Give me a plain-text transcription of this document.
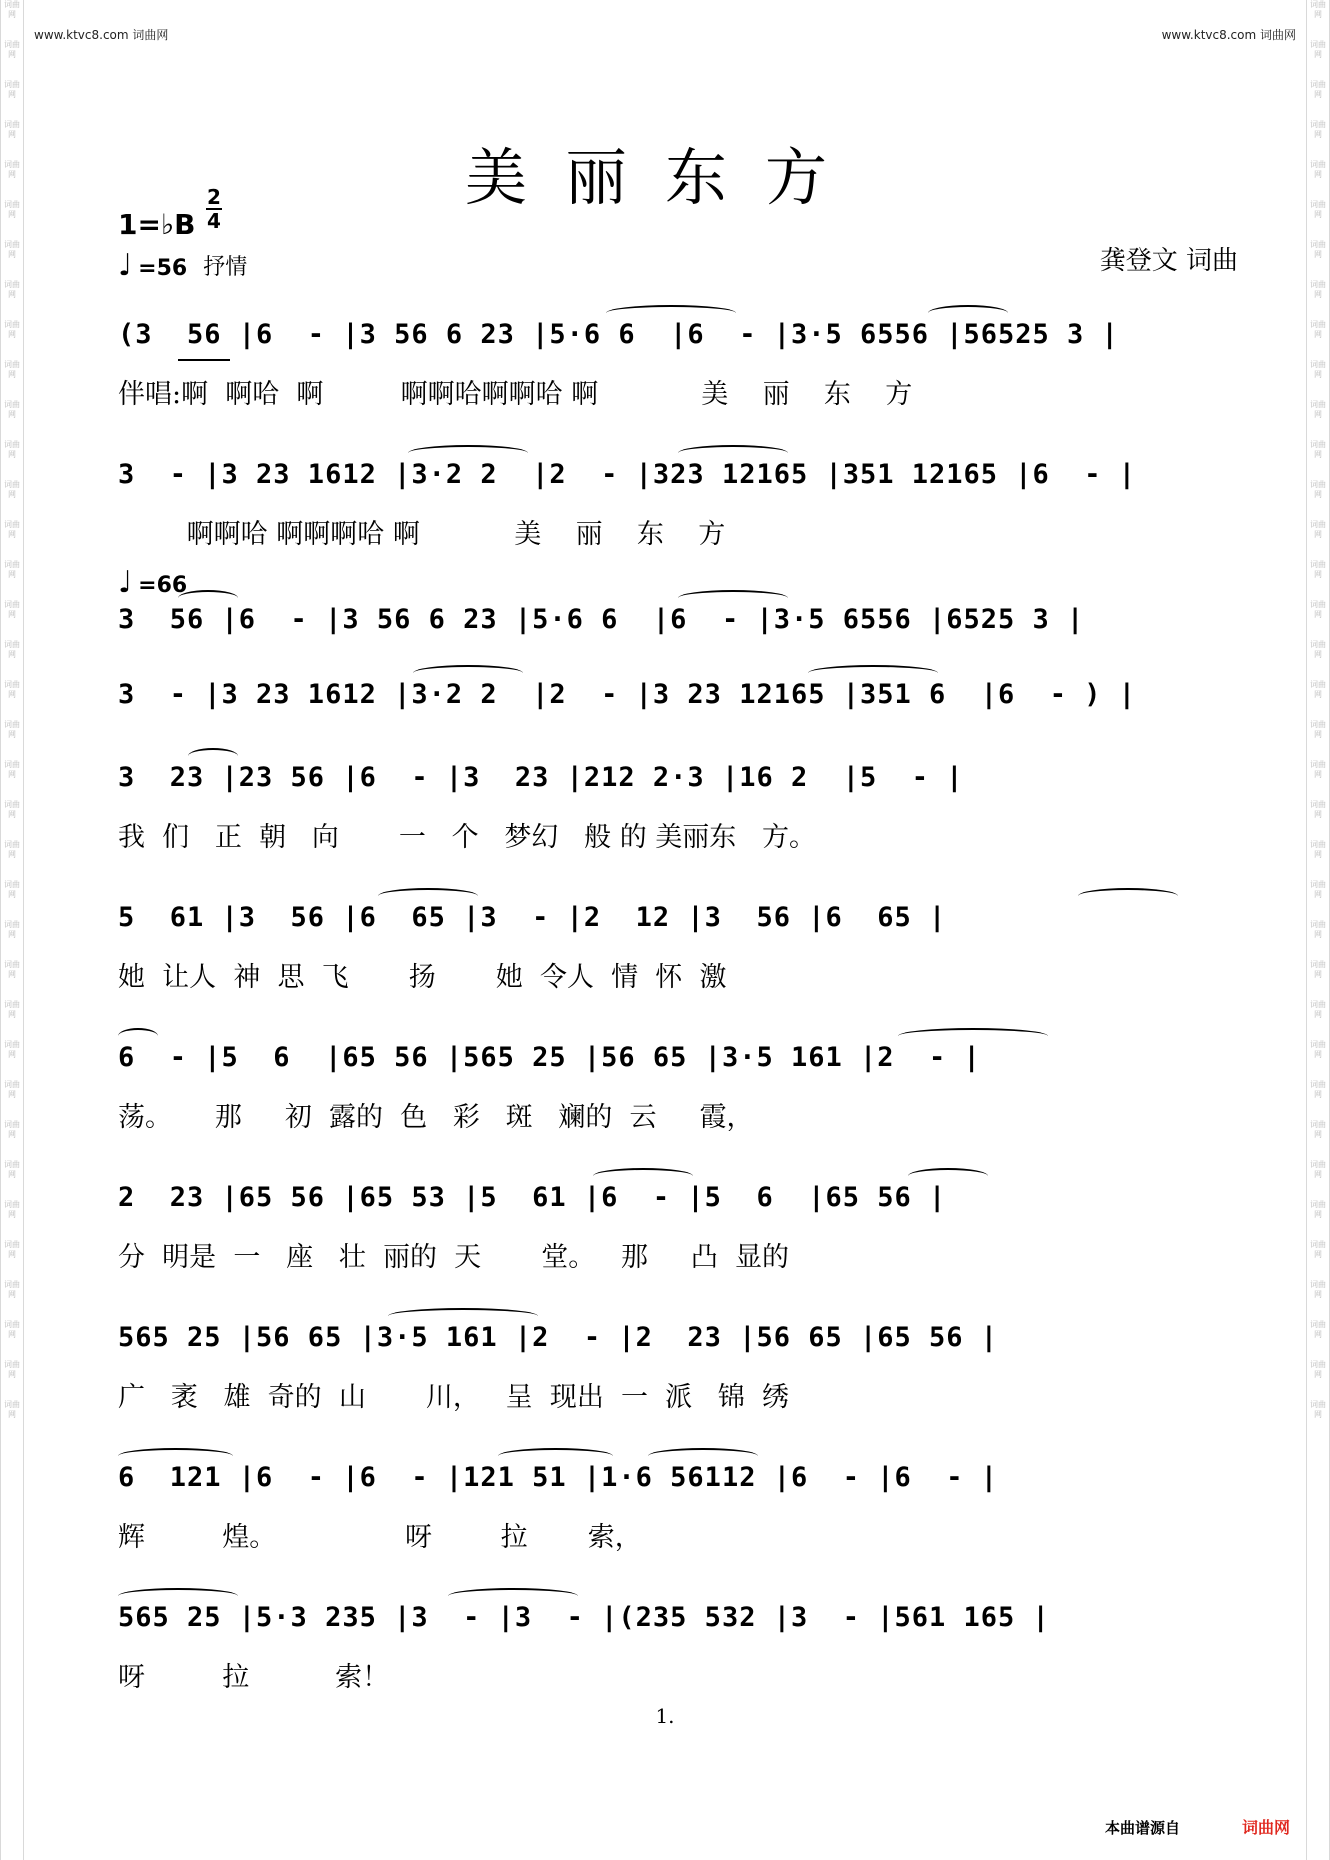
词曲网
词曲网
词曲网
词曲网
词曲网
词曲网
词曲网
词曲网
词曲网
词曲网
词曲网
词曲网
词曲网
词曲网
词曲网
词曲网
词曲网
词曲网
词曲网
词曲网
词曲网
词曲网
词曲网
词曲网
词曲网
词曲网
词曲网
词曲网
词曲网
词曲网
词曲网
词曲网
词曲网
词曲网
词曲网
词曲网
词曲网
词曲网
词曲网
词曲网
词曲网
词曲网
词曲网
词曲网
词曲网
词曲网
词曲网
词曲网
词曲网
词曲网
词曲网
词曲网
词曲网
词曲网
词曲网
词曲网
词曲网
词曲网
词曲网
词曲网
词曲网
词曲网
词曲网
词曲网
词曲网
词曲网
词曲网
词曲网
词曲网
词曲网
词曲网
词曲网
www.ktvc8.com 词曲网	www.ktvc8.com 词曲网
美丽东方
1=♭B
2
4
♩ =56 抒情	龚登文 词曲
(3  56 |6  - |3 56 6 23 |5·6 6  |6  - |3·5 6556 |56525 3 |
伴唱:啊  啊哈  啊         啊啊哈啊啊哈 啊            美    丽    东    方
3  - |3 23 1612 |3·2 2  |2  - |323 12165 |351 12165 |6  - |
啊啊哈 啊啊啊哈 啊           美    丽    东    方
♩ =66
3  56 |6  - |3 56 6 23 |5·6 6  |6  - |3·5 6556 |6525 3 |
3  - |3 23 1612 |3·2 2  |2  - |3 23 12165 |351 6  |6  - ) |
3  23 |23 56 |6  - |3  23 |212 2·3 |16 2  |5  - |
我  们   正  朝   向       一   个   梦幻   般 的 美丽东   方。
5  61 |3  56 |6  65 |3  - |2  12 |3  56 |6  65 |
她  让人  神  思  飞       扬       她  令人  情  怀  激
6  - |5  6  |65 56 |565 25 |56 65 |3·5 161 |2  - |
荡。     那     初  露的  色   彩   斑   斓的  云     霞，
2  23 |65 56 |65 53 |5  61 |6  - |5  6  |65 56 |
分  明是  一   座   壮  丽的  天       堂。   那     凸  显的
565 25 |56 65 |3·5 161 |2  - |2  23 |56 65 |65 56 |
广   袤   雄  奇的  山       川，   呈  现出  一  派   锦  绣
6  121 |6  - |6  - |121 51 |1·6 56112 |6  - |6  - |
辉         煌。               呀        拉       索，
565 25 |5·3 235 |3  - |3  - |(235 532 |3  - |561 165 |
呀         拉          索！
1.
本曲谱源自	词曲网
